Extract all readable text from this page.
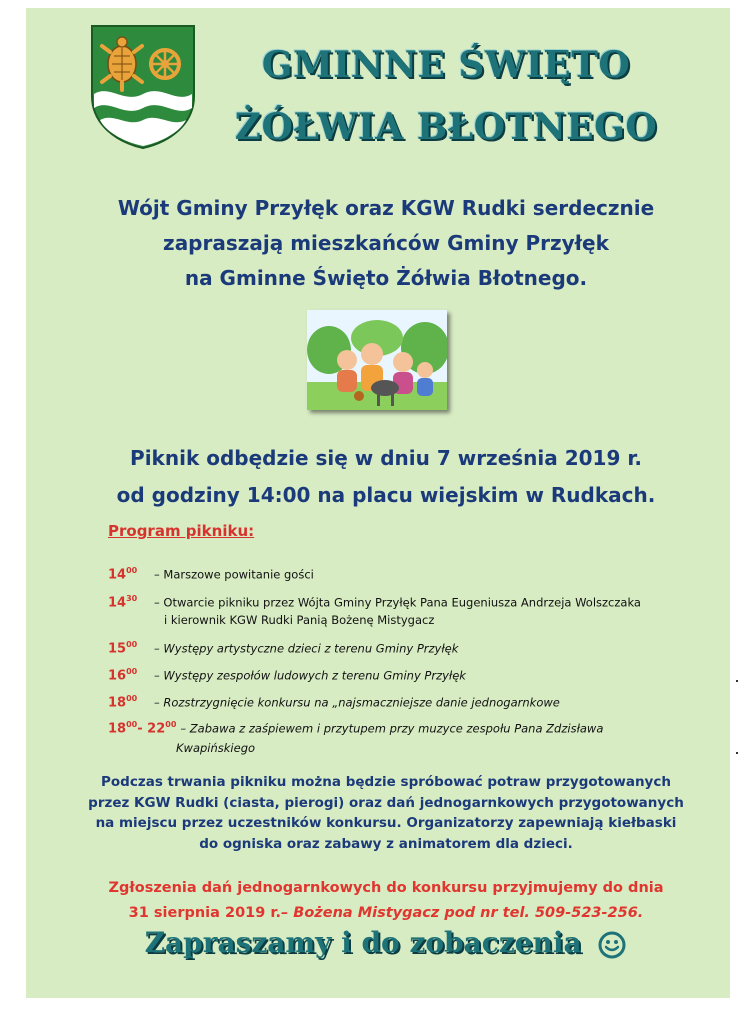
GMINNE ŚWIĘTO
ŻÓŁWIA BŁOTNEGO
Wójt Gminy Przyłęk oraz KGW Rudki serdecznie
zapraszają mieszkańców Gminy Przyłęk
na Gminne Święto Żółwia Błotnego.
Piknik odbędzie się w dniu 7 września 2019 r.
od godziny 14:00 na placu wiejskim w Rudkach.
Program pikniku:
$14^{00}$ – Marszowe powitanie gości
$14^{30}$ – Otwarcie pikniku przez Wójta Gminy Przyłęk Pana Eugeniusza Andrzeja Wolszczaka
i kierownik KGW Rudki Panią Bożenę Mistygacz
$15^{00}$ – Występy artystyczne dzieci z terenu Gminy Przyłęk
$16^{00}$ – Występy zespołów ludowych z terenu Gminy Przyłęk
$18^{00}$ – Rozstrzygnięcie konkursu na „najsmaczniejsze danie jednogarnkowe
$18^{00}-$ $22^{00}$ – Zabawa z zaśpiewem i przytupem przy muzyce zespołu Pana Zdzisława
Kwapińskiego
Podczas trwania pikniku można będzie spróbować potraw przygotowanych
przez KGW Rudki (ciasta, pierogi) oraz dań jednogarnkowych przygotowanych
na miejscu przez uczestników konkursu. Organizatorzy zapewniają kiełbaski
do ogniska oraz zabawy z animatorem dla dzieci.
Zgłoszenia dań jednogarnkowych do konkursu przyjmujemy do dnia
31 sierpnia 2019 r.– Bożena Mistygacz pod nr tel. 509-523-256.
Zapraszamy i do zobaczenia
